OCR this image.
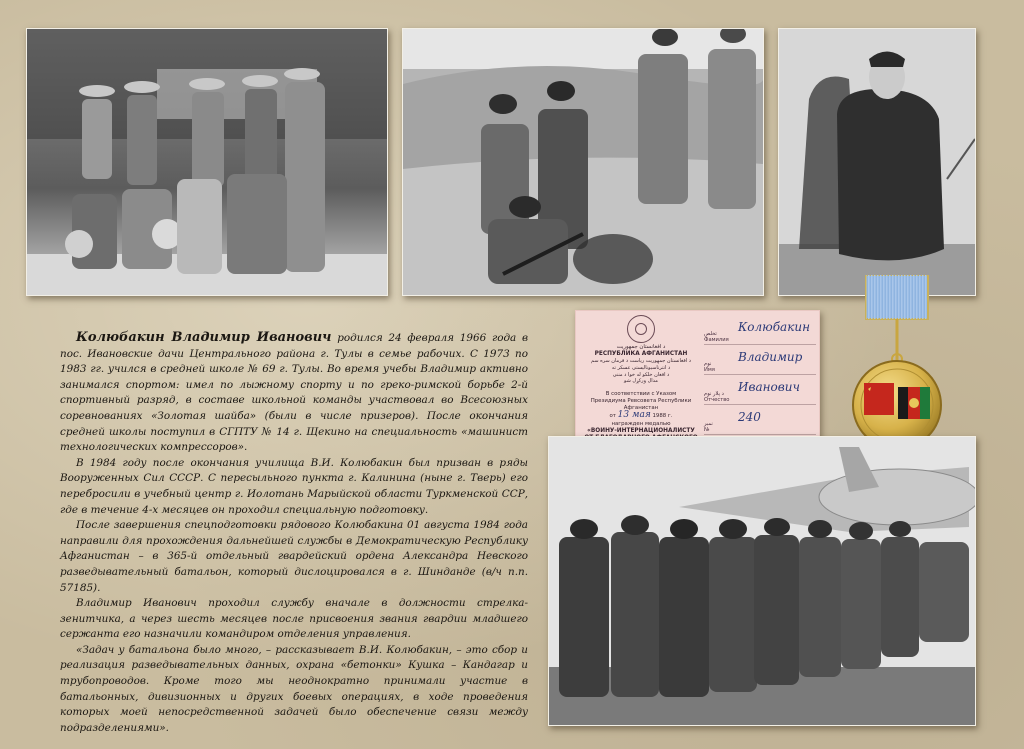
Колюбакин Владимир Иванович родился 24 февраля 1966 года в пос. Ивановские дачи Центрального района г. Тулы в семье рабочих. С 1973 по 1983 гг. учился в средней школе № 69 г. Тулы. Во время учебы Владимир активно занимался спортом: имел по лыжному спорту и по греко-римской борьбе 2-й спортивный разряд, в составе школьной команды участвовал во Всесоюзных соревнованиях «Золотая шайба» (были в числе призеров). После окончания средней школы поступил в СГПТУ № 14 г. Щекино на специальность «машинист технологических компрессоров».

В 1984 году после окончания училища В.И. Колюбакин был призван в ряды Вооруженных Сил СССР. С пересыльного пункта г. Калинина (ныне г. Тверь) его переброcили в учебный центр г. Иолотань Марыйской области Туркменской ССР, где в течение 4-х месяцев он проходил специальную подготовку.

После завершения спецподготовки рядового Колюбакина 01 августа 1984 года направили для прохождения дальнейшей службы в Демократическую Республику Афганистан – в 365-й отдельный гвардейский ордена Александра Невского разведывательный батальон, который дислоцировался в г. Шинданде (в/ч п.п. 57185).

Владимир Иванович проходил службу вначале в должности стрелка-зенитчика, а через шесть месяцев после присвоения звания гвардии младшего сержанта его назначили командиром отделения управления.

«Задач у батальона было много, – рассказывает В.И. Колюбакин, – это сбор и реализация разведывательных данных, охрана «бетонки» Кушка – Кандагар и трубопроводов. Кроме того мы неоднократно принимали участие в батальонных, дивизионных и других боевых операциях, в ходе проведения которых моей непосредственной задачей было обеспечение связи между подразделениями».

د افغانستان جمهوریت
РЕСПУБЛИКА АФГАНИСТАН
د افغانستان جمهوریت ریاست د فرمان سره سم
د انترناسیونالیستی عسکر ته
د افغان خلکو له خوا د مننی
مدال ورکړل شو
В соответствии с Указом
Президиума Ревсовета Республики Афганистан
от 13 мая 1988 г.
награжден медалью
«ВОИНУ-ИНТЕРНАЦИОНАЛИСТУ
Колюбакин
تخلص
Фамилия
Владимир
نوم
Имя
Иванович
د پلار نوم
Отчество
240
نمبر
№
